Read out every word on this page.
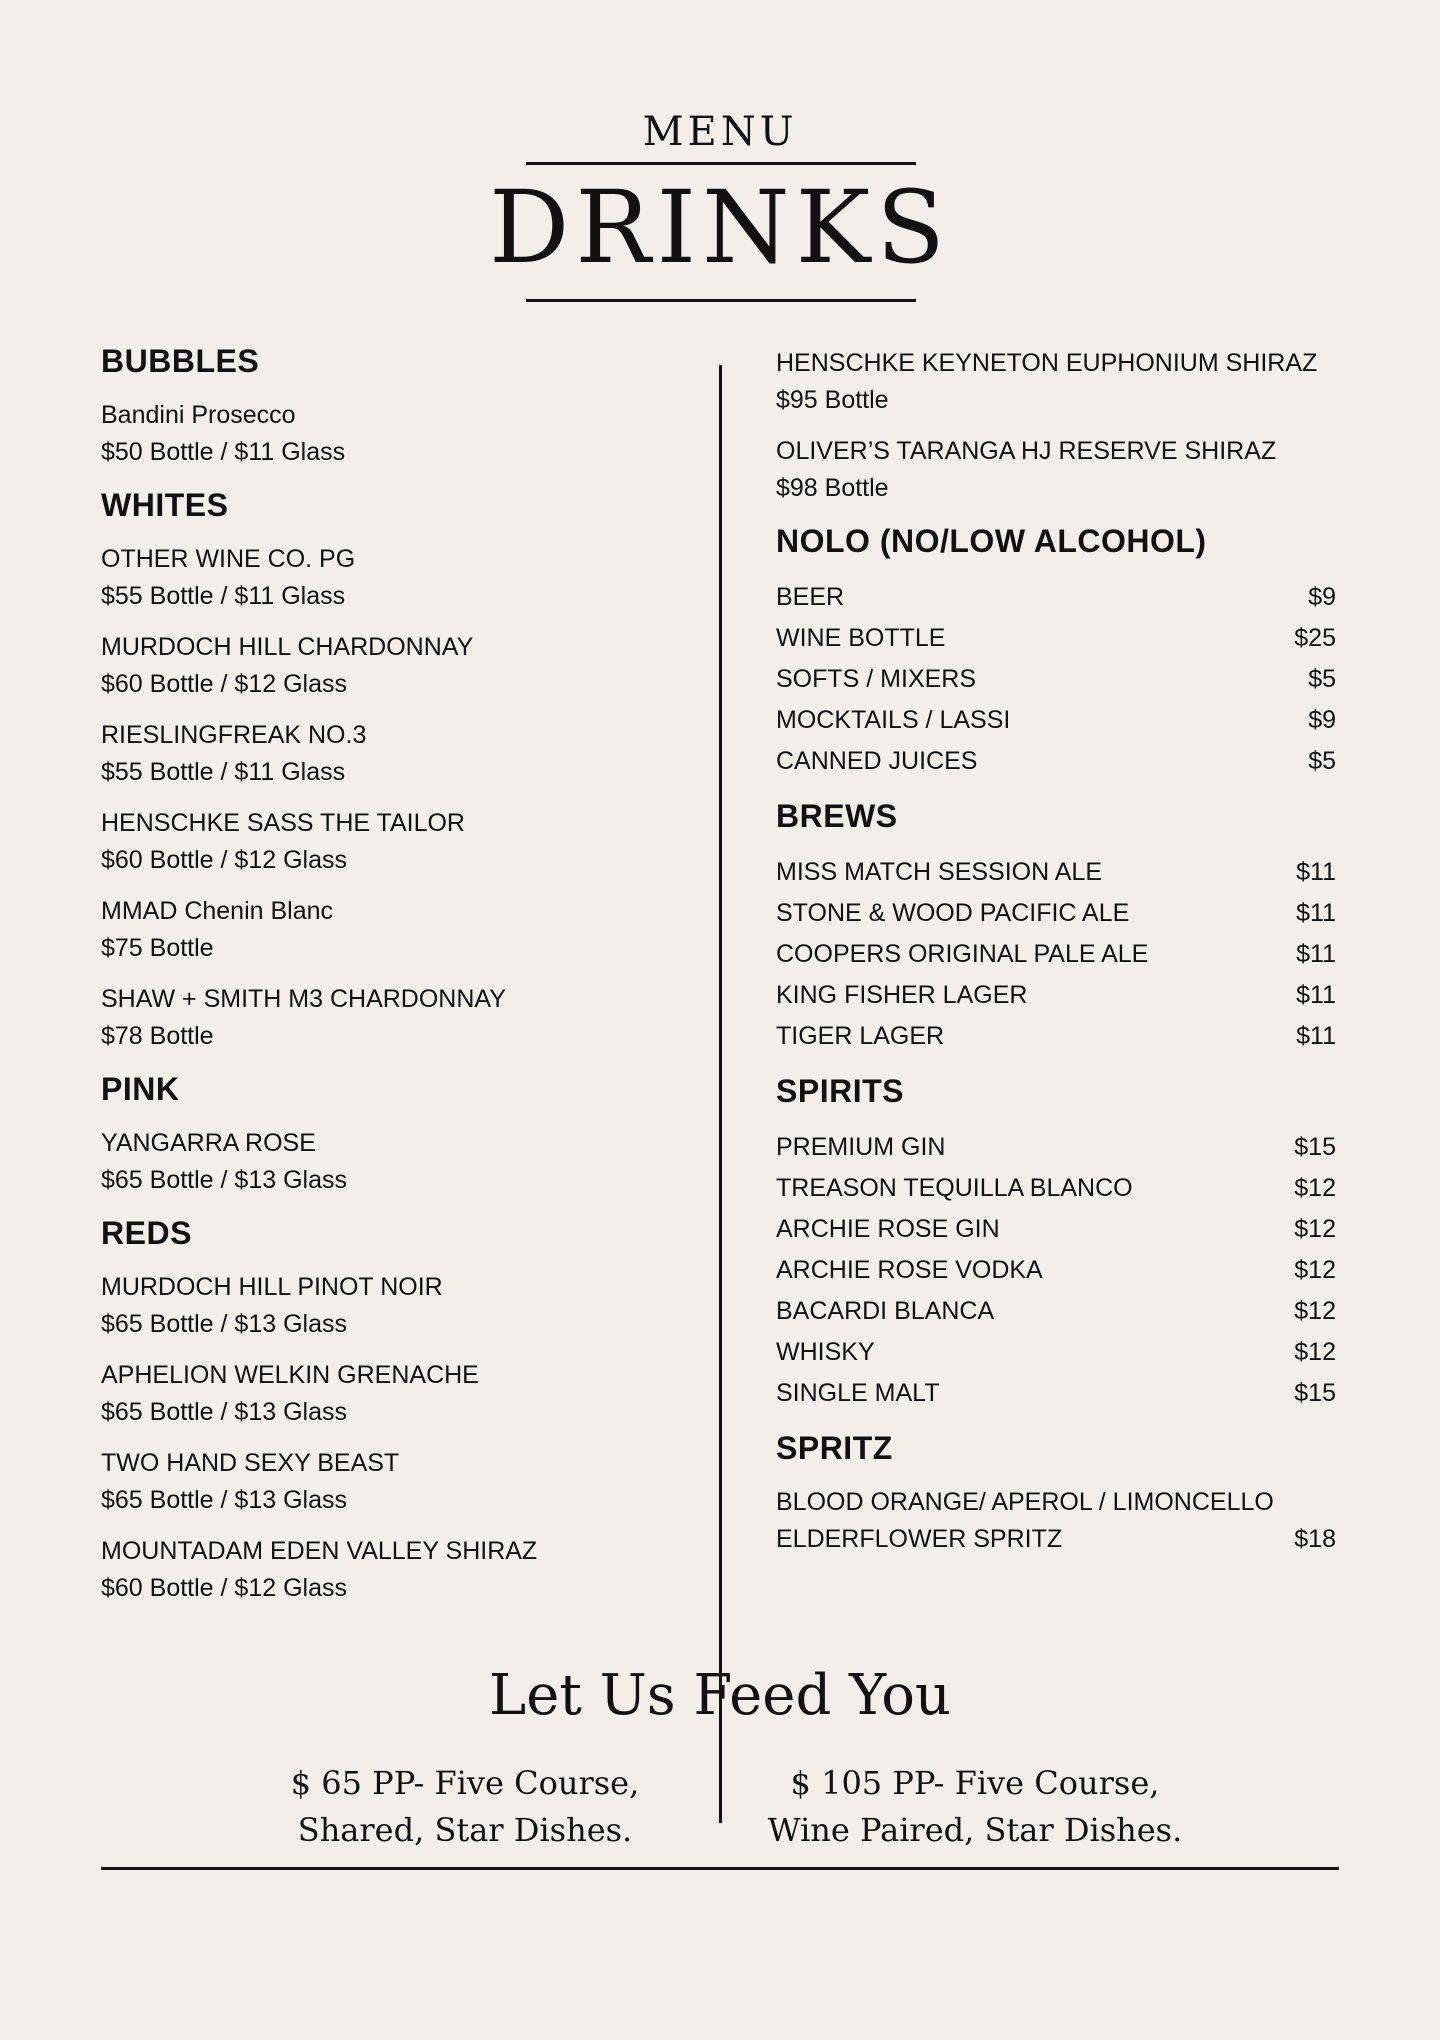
MENU
DRINKS
BUBBLES
Bandini Prosecco
$50 Bottle / $11 Glass
WHITES
OTHER WINE CO. PG
$55 Bottle / $11 Glass
MURDOCH HILL CHARDONNAY
$60 Bottle / $12 Glass
RIESLINGFREAK NO.3
$55 Bottle / $11 Glass
HENSCHKE SASS THE TAILOR
$60 Bottle / $12 Glass
MMAD Chenin Blanc
$75 Bottle
SHAW + SMITH M3 CHARDONNAY
$78 Bottle
PINK
YANGARRA ROSE
$65 Bottle / $13 Glass
REDS
MURDOCH HILL PINOT NOIR
$65 Bottle / $13 Glass
APHELION WELKIN GRENACHE
$65 Bottle / $13 Glass
TWO HAND SEXY BEAST
$65 Bottle / $13 Glass
MOUNTADAM EDEN VALLEY SHIRAZ
$60 Bottle / $12 Glass
HENSCHKE KEYNETON EUPHONIUM SHIRAZ
$95 Bottle
OLIVER’S TARANGA HJ RESERVE SHIRAZ
$98 Bottle
NOLO (NO/LOW ALCOHOL)
BEER	$9
WINE BOTTLE	$25
SOFTS / MIXERS	$5
MOCKTAILS / LASSI	$9
CANNED JUICES	$5
BREWS
MISS MATCH SESSION ALE	$11
STONE & WOOD PACIFIC ALE	$11
COOPERS ORIGINAL PALE ALE	$11
KING FISHER LAGER	$11
TIGER LAGER	$11
SPIRITS
PREMIUM GIN	$15
TREASON TEQUILLA BLANCO	$12
ARCHIE ROSE GIN	$12
ARCHIE ROSE VODKA	$12
BACARDI BLANCA	$12
WHISKY	$12
SINGLE MALT	$15
SPRITZ
BLOOD ORANGE/ APEROL / LIMONCELLO
ELDERFLOWER SPRITZ	$18
Let Us Feed You
$ 65 PP- Five Course, Shared, Star Dishes.
$ 105 PP- Five Course, Wine Paired, Star Dishes.
